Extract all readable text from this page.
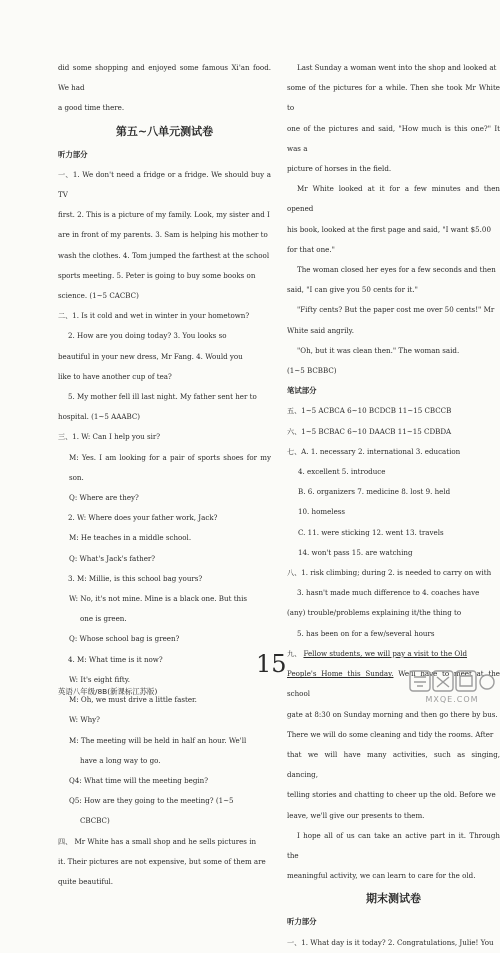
did some shopping and enjoyed some famous Xi'an food. We had

a good time there.

第五~八单元测试卷

听力部分

一、1. We don't need a fridge or a fridge. We should buy a TV

first. 2. This is a picture of my family. Look, my sister and I

are in front of my parents. 3. Sam is helping his mother to

wash the clothes. 4. Tom jumped the farthest at the school

sports meeting. 5. Peter is going to buy some books on

science. (1~5 CACBC)

二、1. Is it cold and wet in winter in your hometown?

2. How are you doing today? 3. You looks so

beautiful in your new dress, Mr Fang. 4. Would you

like to have another cup of tea?

5. My mother fell ill last night. My father sent her to

hospital. (1~5 AAABC)

三、1. W: Can I help you sir?

M: Yes. I am looking for a pair of sports shoes for my son.

Q: Where are they?

2. W: Where does your father work, Jack?

M: He teaches in a middle school.

Q: What's Jack's father?

3. M: Millie, is this school bag yours?

W: No, it's not mine. Mine is a black one. But this

one is green.

Q: Whose school bag is green?

4. M: What time is it now?

W: It's eight fifty.

M: Oh, we must drive a little faster.

W: Why?

M: The meeting will be held in half an hour. We'll

have a long way to go.

Q4: What time will the meeting begin?

Q5: How are they going to the meeting? (1~5

CBCBC)

四、 Mr White has a small shop and he sells pictures in

it. Their pictures are not expensive, but some of them are

quite beautiful.

Last Sunday a woman went into the shop and looked at

some of the pictures for a while. Then she took Mr White to

one of the pictures and said, "How much is this one?" It was a

picture of horses in the field.

Mr White looked at it for a few minutes and then opened

his book, looked at the first page and said, "I want $5.00

for that one."

The woman closed her eyes for a few seconds and then

said, "I can give you 50 cents for it."

"Fifty cents? But the paper cost me over 50 cents!" Mr

White said angrily.

"Oh, but it was clean then." The woman said.

(1~5 BCBBC)

笔试部分

五、1~5 ACBCA 6~10 BCDCB 11~15 CBCCB

六、1~5 BCBAC 6~10 DAACB 11~15 CDBDA

七、A. 1. necessary 2. international 3. education

4. excellent 5. introduce

B. 6. organizers 7. medicine 8. lost 9. held

10. homeless

C. 11. were sticking 12. went 13. travels

14. won't pass 15. are watching

八、1. risk climbing; during 2. is needed to carry on with

3. hasn't made much difference to 4. coaches have

(any) trouble/problems explaining it/the thing to

5. has been on for a few/several hours

九、 Fellow students, we will pay a visit to the Old

People's Home this Sunday. We'll have to meet at the school

gate at 8:30 on Sunday morning and then go there by bus.

There we will do some cleaning and tidy the rooms. After

that we will have many activities, such as singing, dancing,

telling stories and chatting to cheer up the old. Before we

leave, we'll give our presents to them.

I hope all of us can take an active part in it. Through the

meaningful activity, we can learn to care for the old.

期末测试卷

听力部分

一、1. What day is it today? 2. Congratulations, Julie! You

15
英语八年级/8B(新课标江苏版)
MXQE.COM
